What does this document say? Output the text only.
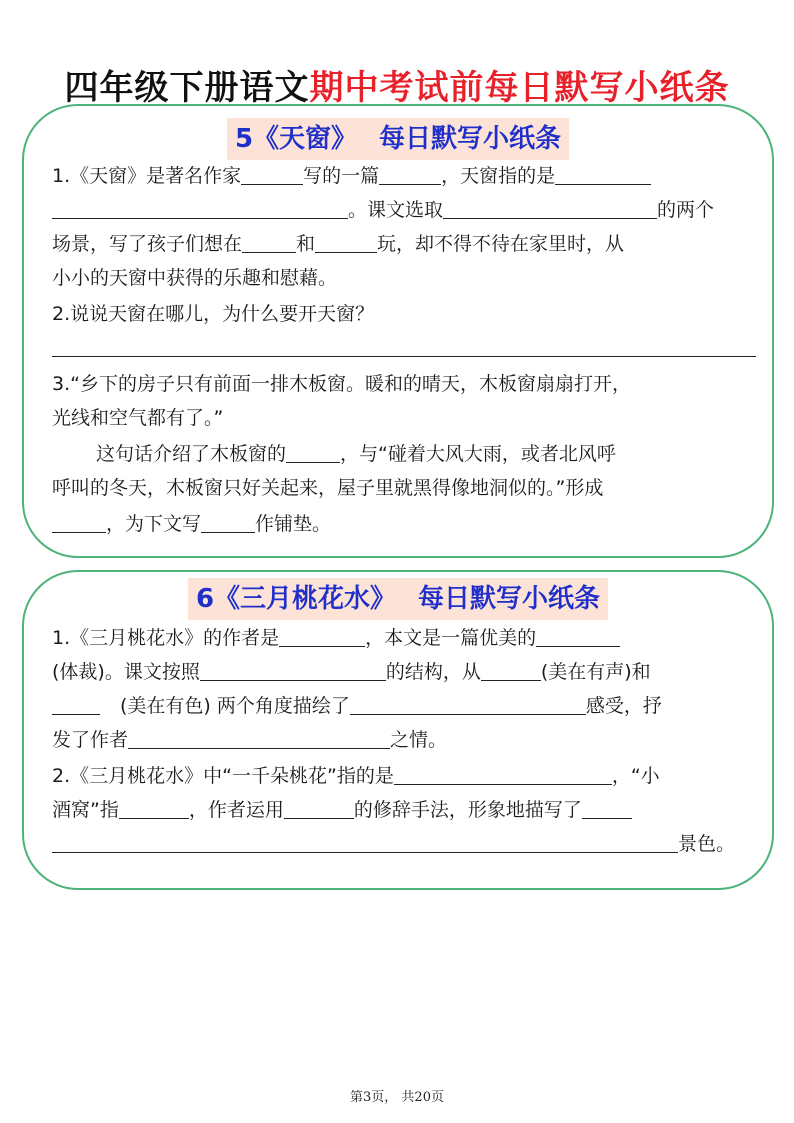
四年级下册语文期中考试前每日默写小纸条
5《天窗》 每日默写小纸条
1.《天窗》是著名作家	写的一篇	，天窗指的是
。课文选取	的两个
场景，写了孩子们想在	和	玩，却不得不待在家里时，从
小小的天窗中获得的乐趣和慰藉。
2.说说天窗在哪儿，为什么要开天窗？
3.“乡下的房子只有前面一排木板窗。暖和的晴天，木板窗扇扇打开，
光线和空气都有了。”
这句话介绍了木板窗的	，与“碰着大风大雨，或者北风呼
呼叫的冬天，木板窗只好关起来，屋子里就黑得像地洞似的。”形成
，为下文写	作铺垫。
6《三月桃花水》 每日默写小纸条
1.《三月桃花水》的作者是	，本文是一篇优美的
(体裁)。课文按照	的结构，从	(美在有声)和
(美在有色) 两个角度描绘了	感受，抒
发了作者	之情。
2.《三月桃花水》中“一千朵桃花”指的是	，“小
酒窝”指	，作者运用	的修辞手法，形象地描写了
景色。
第3页， 共20页
